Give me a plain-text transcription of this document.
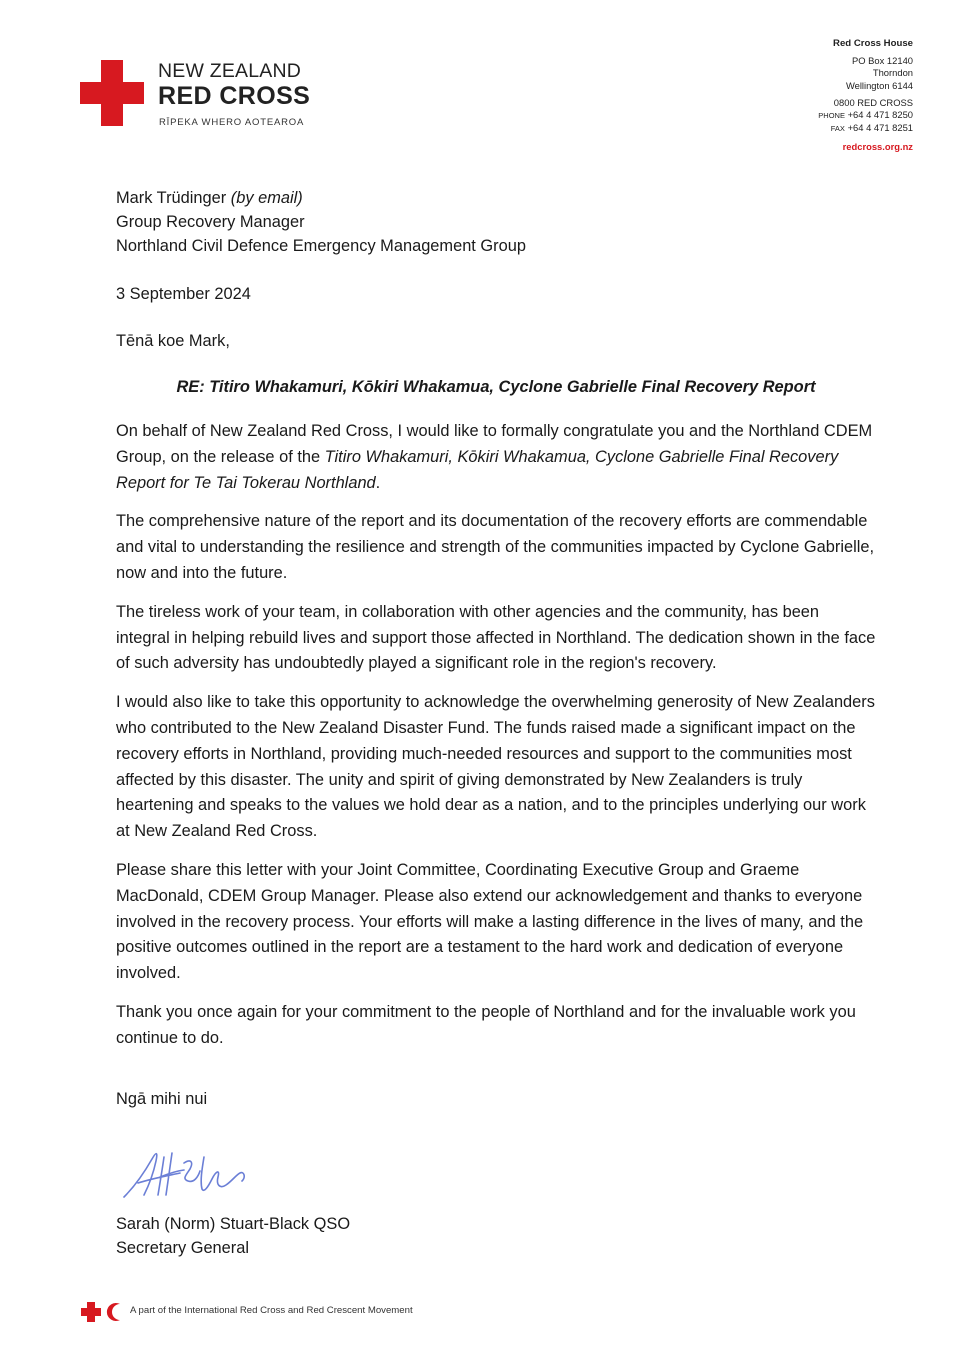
NEW ZEALAND
RED CROSS
RĪPEKA WHERO AOTEAROA
Red Cross House
PO Box 12140
Thorndon
Wellington 6144
0800 RED CROSS
PHONE +64 4 471 8250
FAX +64 4 471 8251
redcross.org.nz
Mark Trüdinger (by email)
Group Recovery Manager
Northland Civil Defence Emergency Management Group
3 September 2024
Tēnā koe Mark,
RE: Titiro Whakamuri, Kōkiri Whakamua, Cyclone Gabrielle Final Recovery Report

On behalf of New Zealand Red Cross, I would like to formally congratulate you and the Northland CDEM Group, on the release of the Titiro Whakamuri, Kōkiri Whakamua, Cyclone Gabrielle Final Recovery Report for Te Tai Tokerau Northland.

The comprehensive nature of the report and its documentation of the recovery efforts are commendable and vital to understanding the resilience and strength of the communities impacted by Cyclone Gabrielle, now and into the future.

The tireless work of your team, in collaboration with other agencies and the community, has been integral in helping rebuild lives and support those affected in Northland. The dedication shown in the face of such adversity has undoubtedly played a significant role in the region's recovery.

I would also like to take this opportunity to acknowledge the overwhelming generosity of New Zealanders who contributed to the New Zealand Disaster Fund. The funds raised made a significant impact on the recovery efforts in Northland, providing much-needed resources and support to the communities most affected by this disaster. The unity and spirit of giving demonstrated by New Zealanders is truly heartening and speaks to the values we hold dear as a nation, and to the principles underlying our work at New Zealand Red Cross.

Please share this letter with your Joint Committee, Coordinating Executive Group and Graeme MacDonald, CDEM Group Manager. Please also extend our acknowledgement and thanks to everyone involved in the recovery process. Your efforts will make a lasting difference in the lives of many, and the positive outcomes outlined in the report are a testament to the hard work and dedication of everyone involved.

Thank you once again for your commitment to the people of Northland and for the invaluable work you continue to do.

Ngā mihi nui
Sarah (Norm) Stuart-Black QSO
Secretary General
A part of the International Red Cross and Red Crescent Movement
